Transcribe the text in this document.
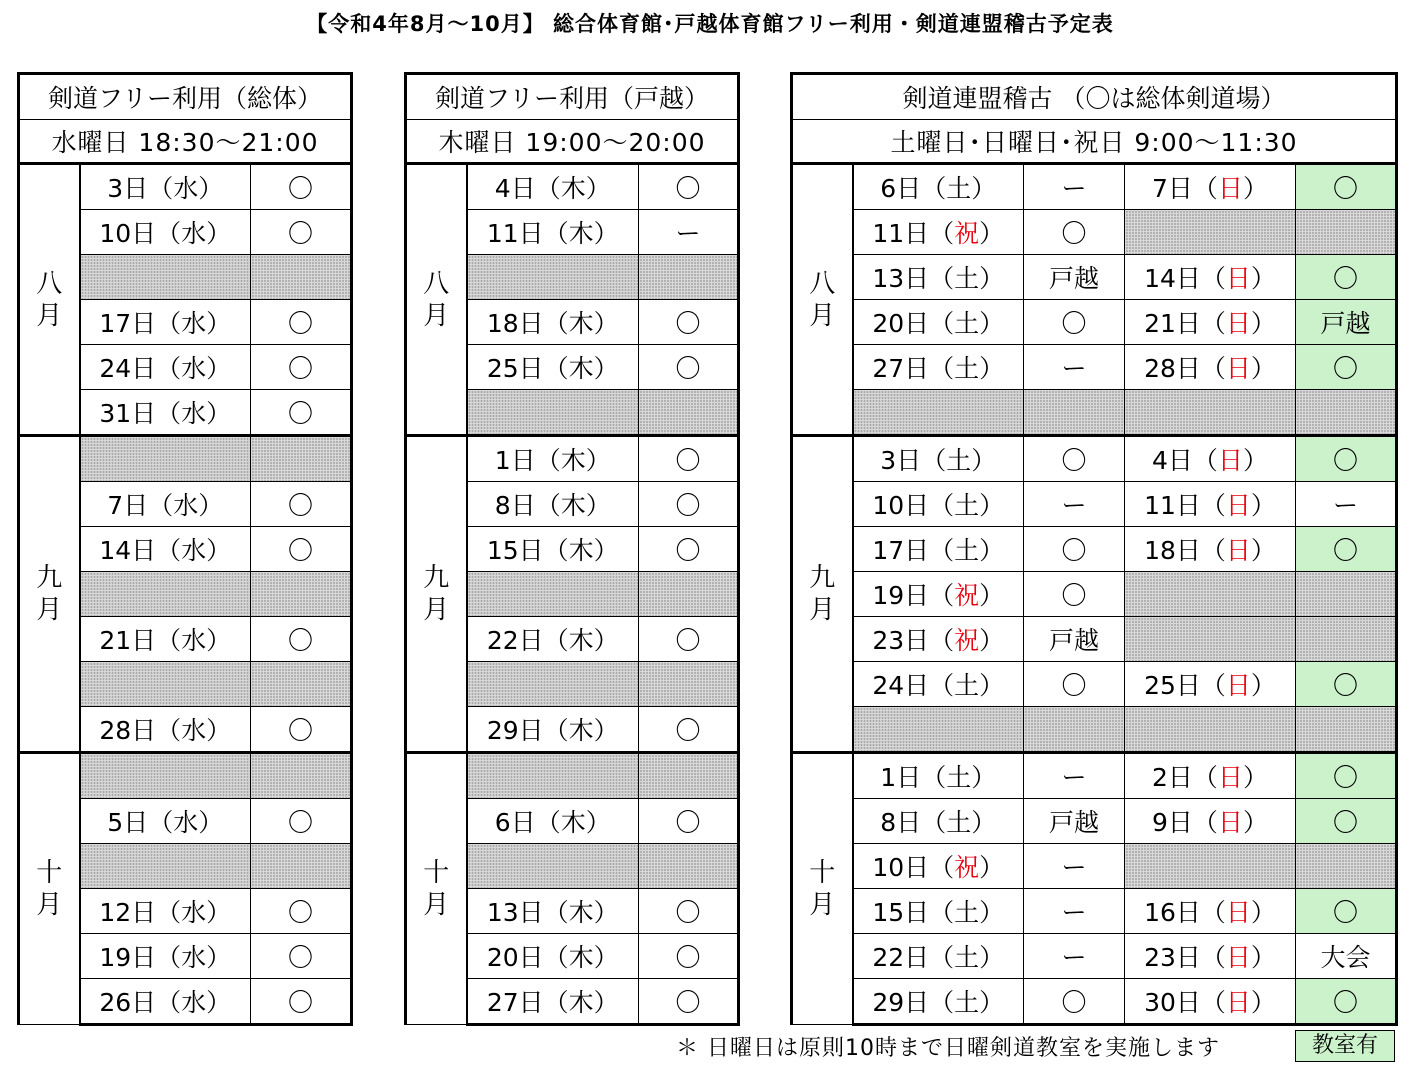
【令和4年8月～10月】 総合体育館･戸越体育館フリー利用・剣道連盟稽古予定表
剣道フリー利用（総体）		
水曜日 18:30～21:00		
八
月	3日（水）	〇
	10日（水）	〇

	17日（水）	〇
	24日（水）	〇
	31日（水）	〇
九
月		
	7日（水）	〇
	14日（水）	〇

	21日（水）	〇

	28日（水）	〇
十
月		
	5日（水）	〇

	12日（水）	〇
	19日（水）	〇
	26日（水）	〇
剣道フリー利用（戸越）		
木曜日 19:00～20:00		
八
月	4日（木）	〇
	11日（木）	ー

	18日（木）	〇
	25日（木）	〇

九
月	1日（木）	〇
	8日（木）	〇
	15日（木）	〇

	22日（木）	〇

	29日（木）	〇
十
月		
	6日（木）	〇

	13日（木）	〇
	20日（木）	〇
	27日（木）	〇
剣道連盟稽古 （〇は総体剣道場）				
土曜日･日曜日･祝日 9:00～11:30				
八
月	6日（土）	ー	7日（日）	〇
	11日（祝）	〇		
	13日（土）	戸越	14日（日）	〇
	20日（土）	〇	21日（日）	戸越
	27日（土）	ー	28日（日）	〇

九
月	3日（土）	〇	4日（日）	〇
	10日（土）	ー	11日（日）	ー
	17日（土）	〇	18日（日）	〇
	19日（祝）	〇		
	23日（祝）	戸越		
	24日（土）	〇	25日（日）	〇

十
月	1日（土）	ー	2日（日）	〇
	8日（土）	戸越	9日（日）	〇
	10日（祝）	ー		
	15日（土）	ー	16日（日）	〇
	22日（土）	ー	23日（日）	大会
	29日（土）	〇	30日（日）	〇
＊ 日曜日は原則10時まで日曜剣道教室を実施します	教室有
